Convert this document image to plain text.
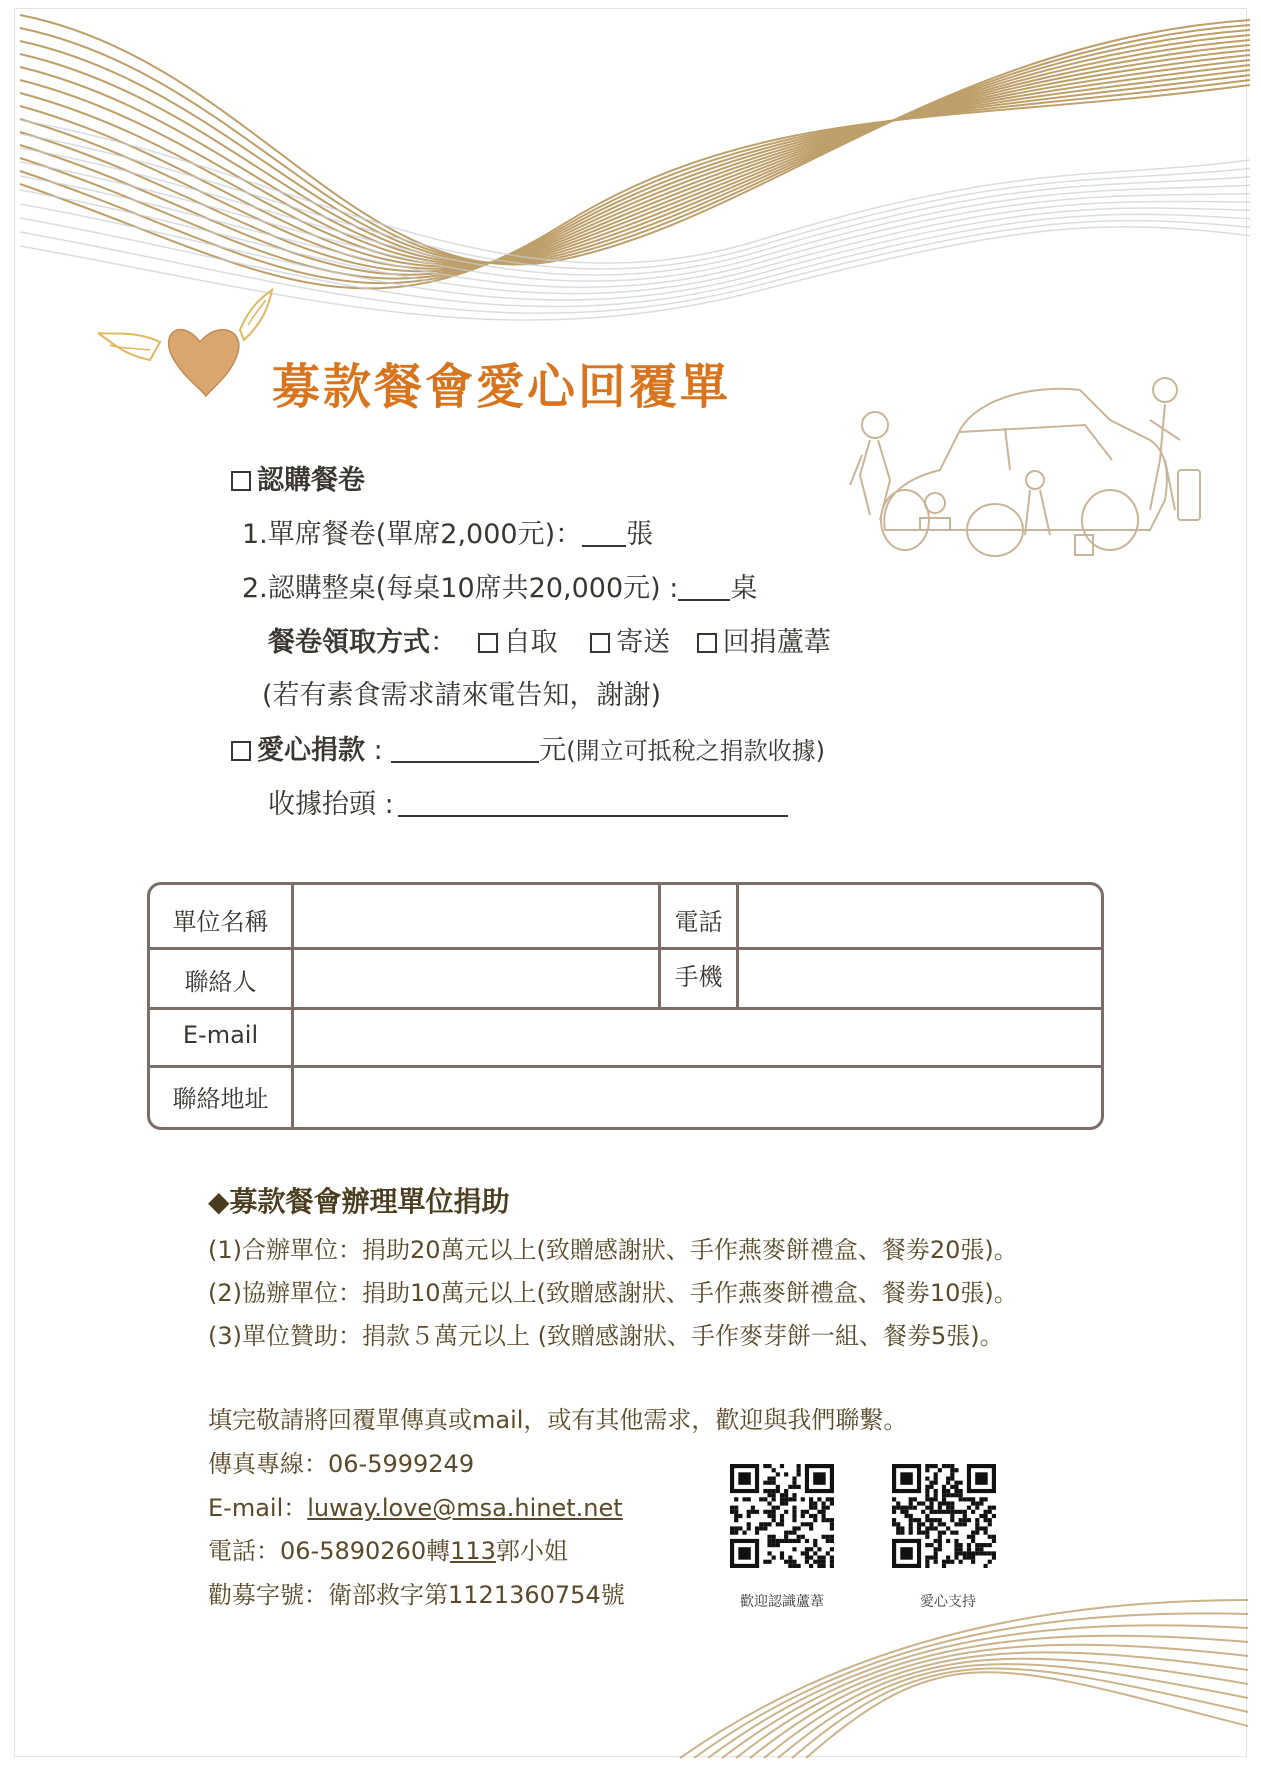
募款餐會愛心回覆單
認購餐卷
1.單席餐卷(單席2,000元)： 張
2.認購整桌(每桌10席共20,000元) : 桌
餐卷領取方式： 自取 寄送 回捐蘆葦
(若有素食需求請來電告知，謝謝)
愛心捐款 :	元(開立可抵稅之捐款收據)
收據抬頭 :
單位名稱	電話
聯絡人	手機
E-mail
聯絡地址
◆募款餐會辦理單位捐助
(1)合辦單位：捐助20萬元以上(致贈感謝狀、手作燕麥餅禮盒、餐劵20張)。
(2)協辦單位：捐助10萬元以上(致贈感謝狀、手作燕麥餅禮盒、餐劵10張)。
(3)單位贊助：捐款５萬元以上 (致贈感謝狀、手作麥芽餅一組、餐劵5張)。
填完敬請將回覆單傳真或mail，或有其他需求，歡迎與我們聯繫。
傳真專線：06-5999249
E-mail：luway.love@msa.hinet.net
電話：06-5890260轉113郭小姐
勸募字號：衛部救字第1121360754號	歡迎認識蘆葦	愛心支持
